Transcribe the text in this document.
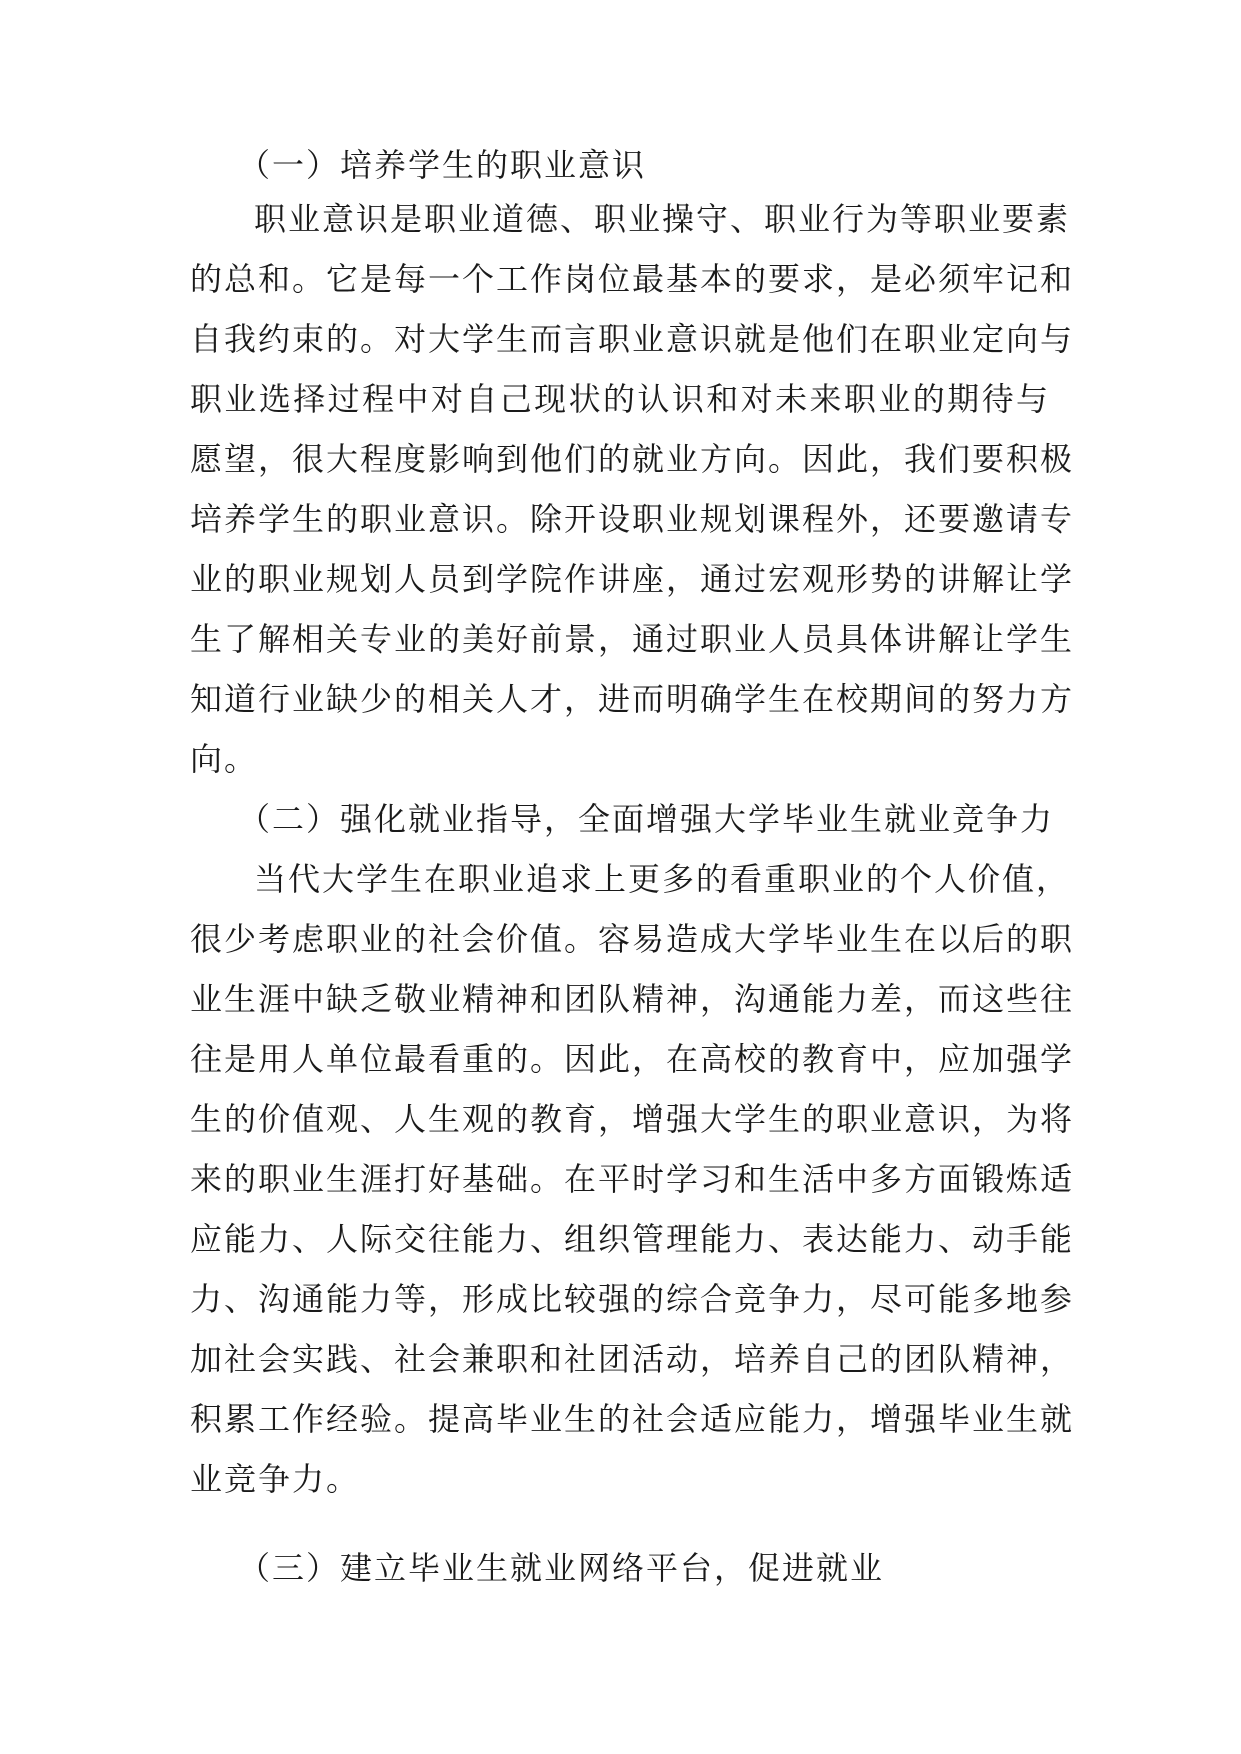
（一）培养学生的职业意识
职业意识是职业道德、职业操守、职业行为等职业要素
的总和。它是每一个工作岗位最基本的要求，是必须牢记和
自我约束的。对大学生而言职业意识就是他们在职业定向与
职业选择过程中对自己现状的认识和对未来职业的期待与
愿望，很大程度影响到他们的就业方向。因此，我们要积极
培养学生的职业意识。除开设职业规划课程外，还要邀请专
业的职业规划人员到学院作讲座，通过宏观形势的讲解让学
生了解相关专业的美好前景，通过职业人员具体讲解让学生
知道行业缺少的相关人才，进而明确学生在校期间的努力方
向。
（二）强化就业指导，全面增强大学毕业生就业竞争力
当代大学生在职业追求上更多的看重职业的个人价值，
很少考虑职业的社会价值。容易造成大学毕业生在以后的职
业生涯中缺乏敬业精神和团队精神，沟通能力差，而这些往
往是用人单位最看重的。因此，在高校的教育中，应加强学
生的价值观、人生观的教育，增强大学生的职业意识，为将
来的职业生涯打好基础。在平时学习和生活中多方面锻炼适
应能力、人际交往能力、组织管理能力、表达能力、动手能
力、沟通能力等，形成比较强的综合竞争力，尽可能多地参
加社会实践、社会兼职和社团活动，培养自己的团队精神，
积累工作经验。提高毕业生的社会适应能力，增强毕业生就
业竞争力。
（三）建立毕业生就业网络平台，促进就业
